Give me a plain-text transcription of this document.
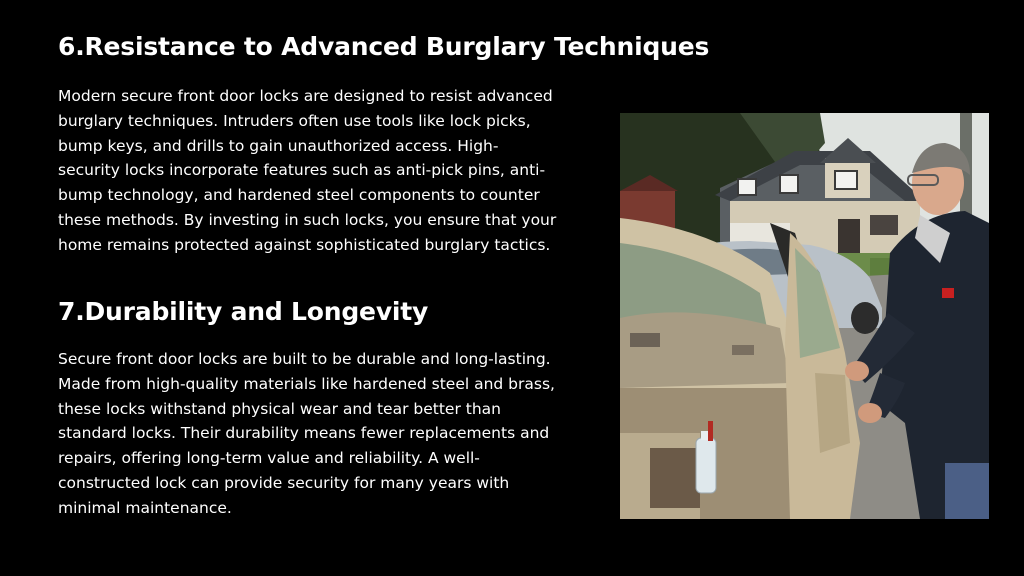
6.Resistance to Advanced Burglary Techniques

Modern secure front door locks are designed to resist advanced burglary techniques. Intruders often use tools like lock picks, bump keys, and drills to gain unauthorized access. High-security locks incorporate features such as anti-pick pins, anti-bump technology, and hardened steel components to counter these methods. By investing in such locks, you ensure that your home remains protected against sophisticated burglary tactics.

7.Durability and Longevity

Secure front door locks are built to be durable and long-lasting. Made from high-quality materials like hardened steel and brass, these locks withstand physical wear and tear better than standard locks. Their durability means fewer replacements and repairs, offering long-term value and reliability. A well-constructed lock can provide security for many years with minimal maintenance.
